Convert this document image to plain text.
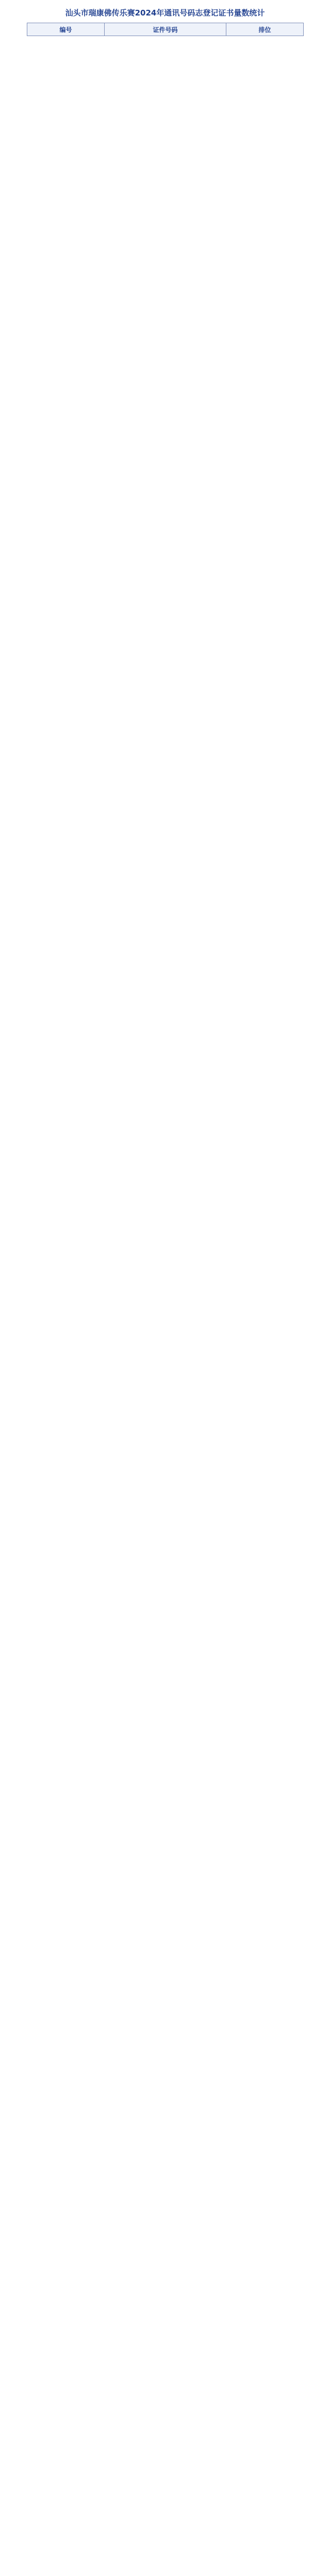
汕头市瑞康佛传乐赛2024年通讯号码志登记证书量数统计
编号	证件号码	排位
